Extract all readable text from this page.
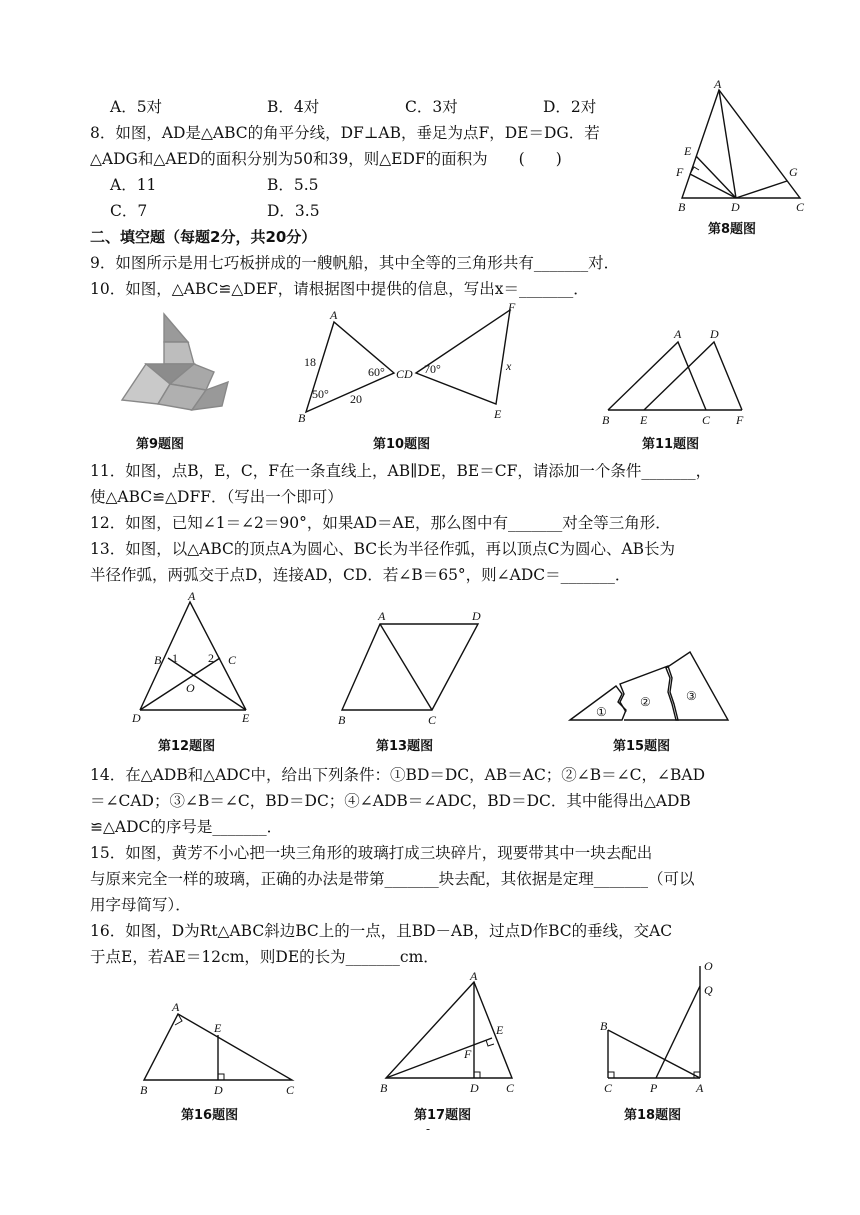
A．5对	B．4对	C．3对	D．2对
8．如图，AD是△ABC的角平分线，DF⊥AB，垂足为点F，DE＝DG．若
△ADG和△AED的面积分别为50和39，则△EDF的面积为　　(　　)
A．11	B．5.5
C．7	D．3.5
A
B	C
D
E
F	G
第8题图
二、填空题（每题2分，共20分）
9．如图所示是用七巧板拼成的一艘帆船，其中全等的三角形共有_______对．
10．如图，△ABC≌△DEF，请根据图中提供的信息，写出x＝_______．
第9题图
A
B
C D
E
F
18
20
x
50°
60°	70°
第10题图
A D
B	E	C F
第11题图
11．如图，点B，E，C，F在一条直线上，AB∥DE，BE＝CF，请添加一个条件_______，
使△ABC≌△DFF．（写出一个即可）
12．如图，已知∠1＝∠2＝90°，如果AD＝AE，那么图中有_______对全等三角形．
13．如图，以△ABC的顶点A为圆心、BC长为半径作弧，再以顶点C为圆心、AB长为
半径作弧，两弧交于点D，连接AD，CD．若∠B＝65°，则∠ADC＝_______．
A
B	C
D	E
O
1	2
第12题图
A	D
B	C
第13题图
①
②	③
第15题图
14．在△ADB和△ADC中，给出下列条件：①BD＝DC，AB＝AC；②∠B＝∠C，∠BAD
＝∠CAD；③∠B＝∠C，BD＝DC；④∠ADB＝∠ADC，BD＝DC．其中能得出△ADB
≌△ADC的序号是_______．
15．如图，黄芳不小心把一块三角形的玻璃打成三块碎片，现要带其中一块去配出
与原来完全一样的玻璃，正确的办法是带第_______块去配，其依据是定理_______（可以
用字母简写）．
16．如图，D为Rt△ABC斜边BC上的一点，且BD－AB，过点D作BC的垂线，交AC
于点E，若AE＝12cm，则DE的长为_______cm．
A
B	C
D
E
第16题图
A
B	C
D
E
F
第17题图
O
Q
B
C	P	A
第18题图
-
